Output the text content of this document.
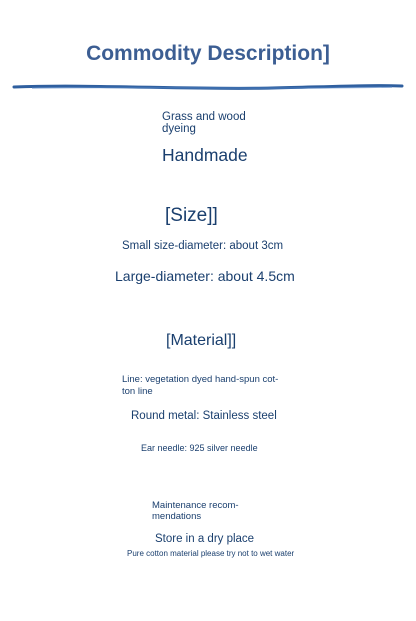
Commodity Description]

Grass and wood dyeing

Handmade

[Size]]

Small size-diameter: about 3cm

Large-diameter: about 4.5cm

[Material]]

Line: vegetation dyed hand-spun cot- ton line

Round metal: Stainless steel

Ear needle: 925 silver needle

Maintenance recom- mendations

Store in a dry place

Pure cotton material please try not to wet water
